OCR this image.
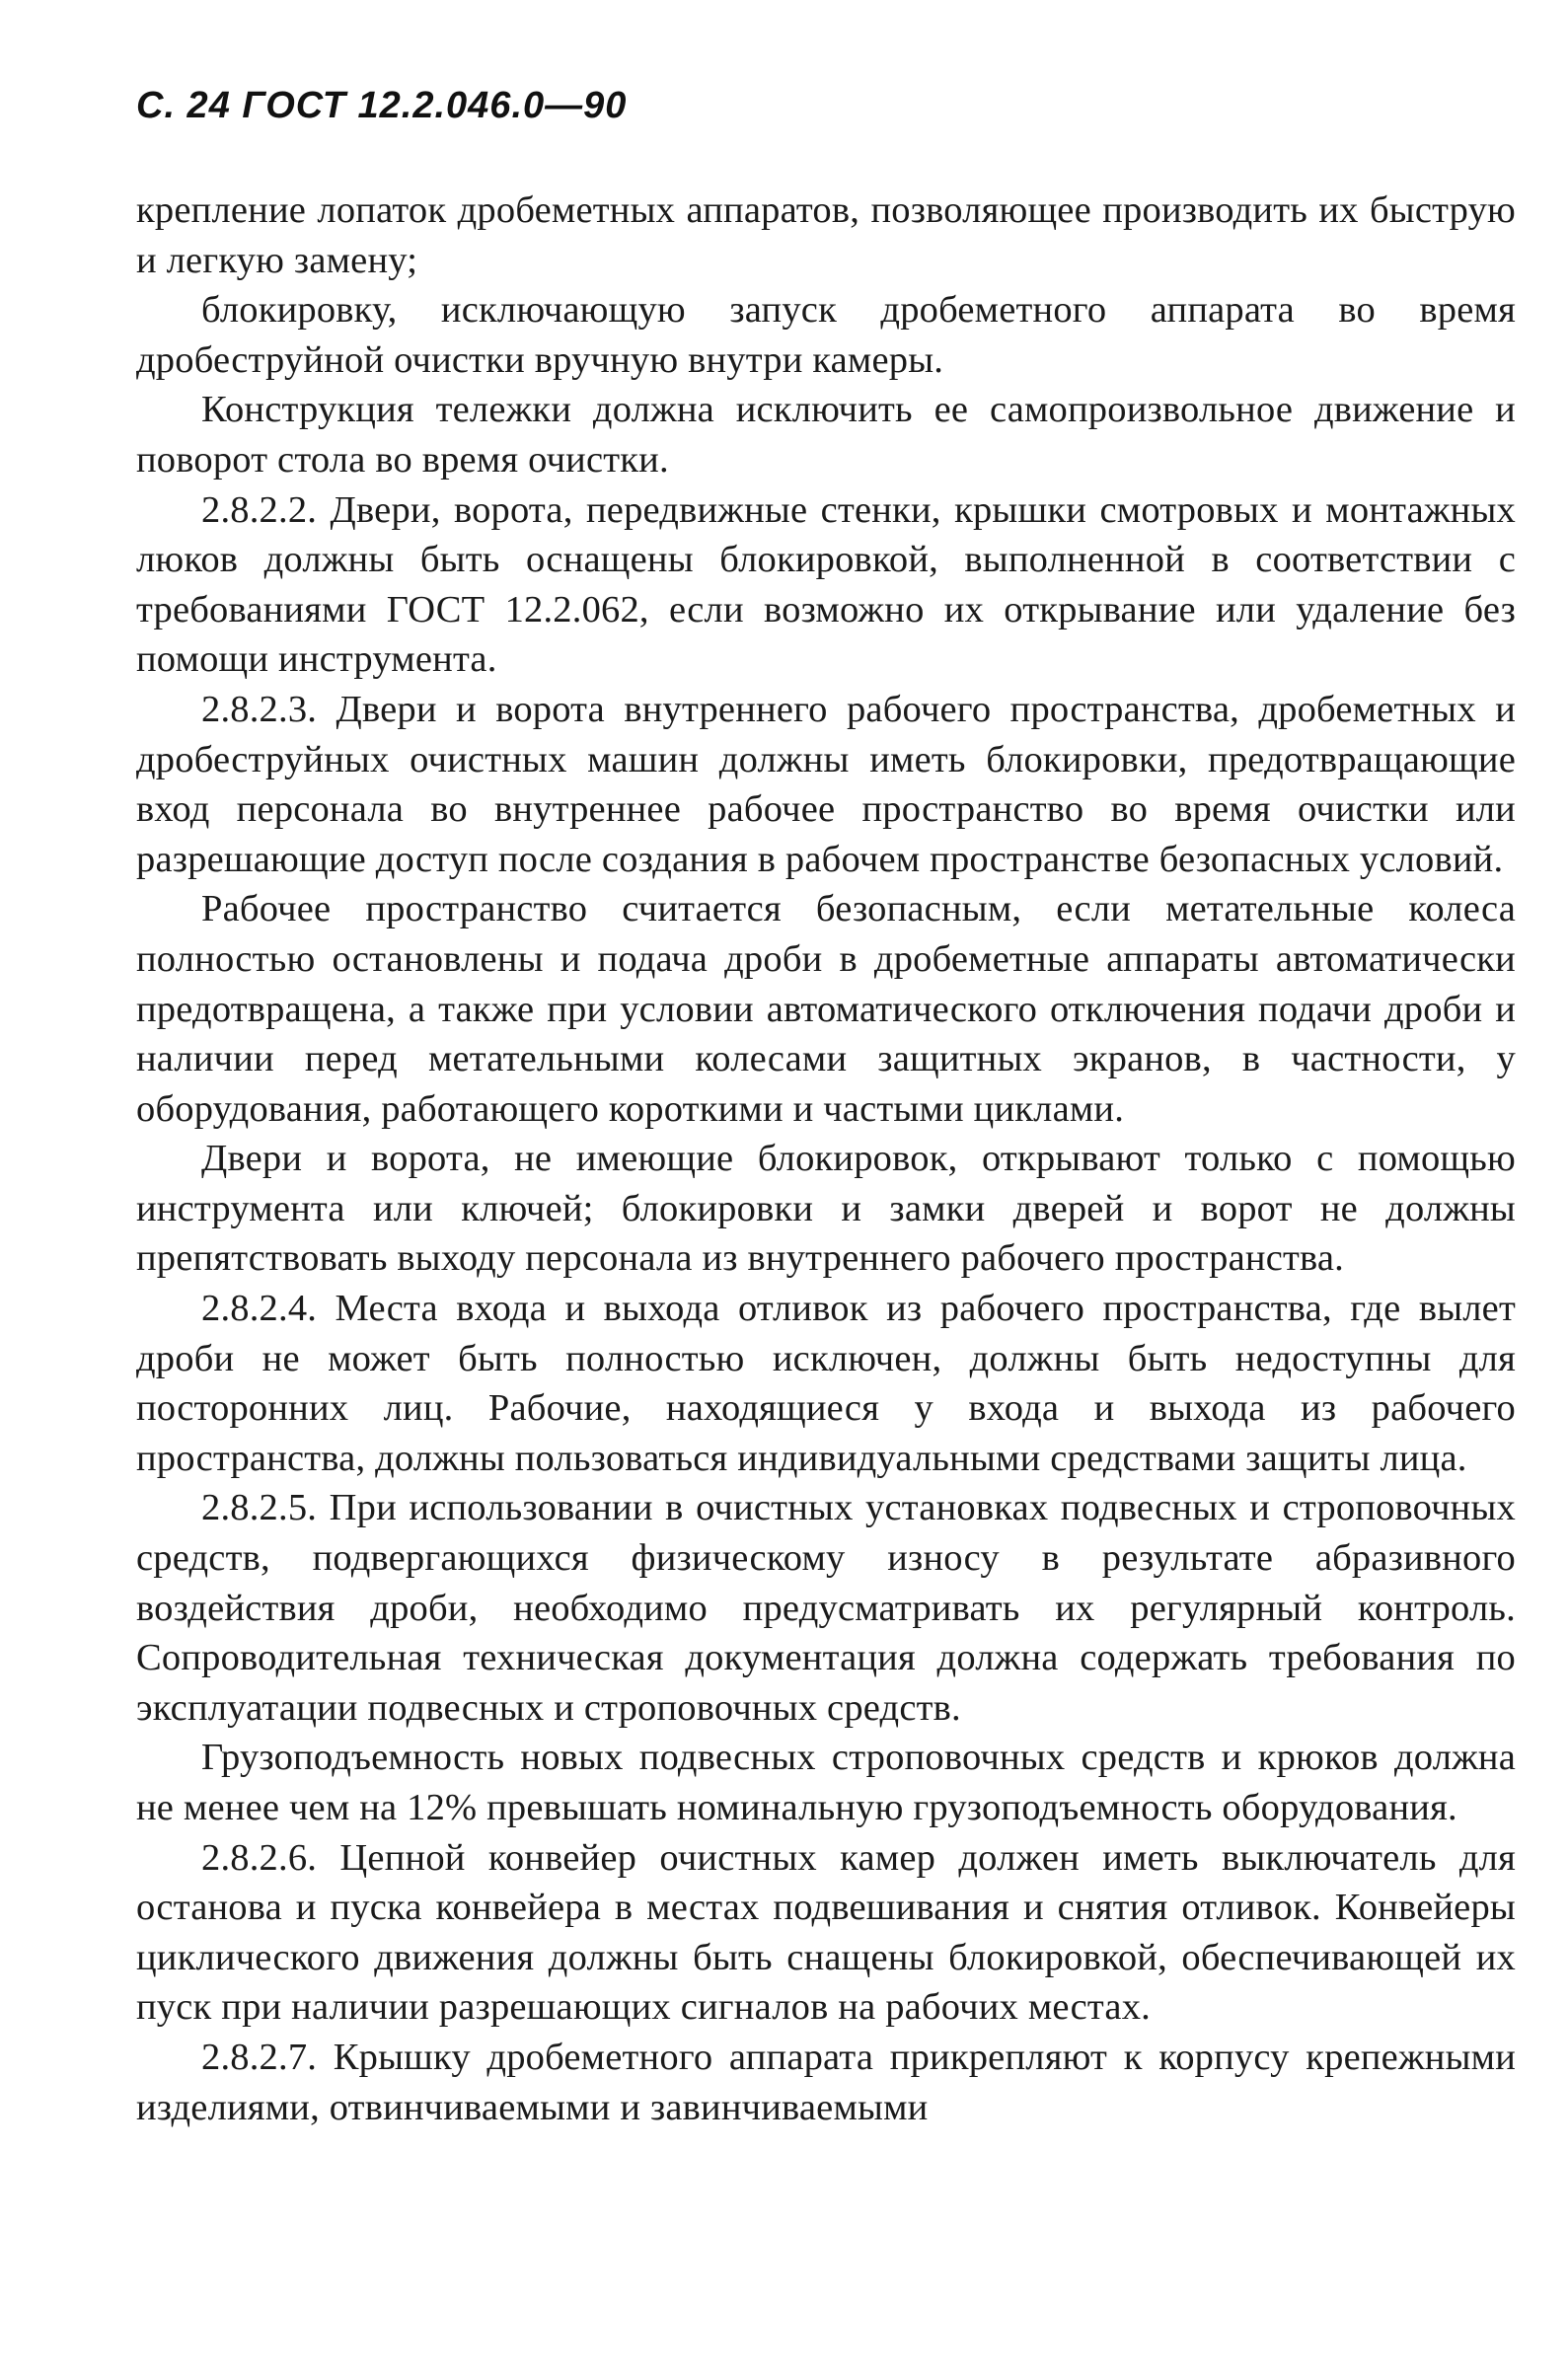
С. 24 ГОСТ 12.2.046.0—90

крепление лопаток дробеметных аппаратов, позволяющее производить их быструю и легкую замену;

блокировку, исключающую запуск дробеметного аппарата во время дробеструйной очистки вручную внутри камеры.

Конструкция тележки должна исключить ее самопроизвольное движение и поворот стола во время очистки.

2.8.2.2. Двери, ворота, передвижные стенки, крышки смотровых и монтажных люков должны быть оснащены блокировкой, выполненной в соответствии с требованиями ГОСТ 12.2.062, если возможно их открывание или удаление без помощи инструмента.

2.8.2.3. Двери и ворота внутреннего рабочего пространства, дробеметных и дробеструйных очистных машин должны иметь блокировки, предотвращающие вход персонала во внутреннее рабочее пространство во время очистки или разрешающие доступ после создания в рабочем пространстве безопасных условий.

Рабочее пространство считается безопасным, если метательные колеса полностью остановлены и подача дроби в дробеметные аппараты автоматически предотвращена, а также при условии автоматического отключения подачи дроби и наличии перед метательными колесами защитных экранов, в частности, у оборудования, работающего короткими и частыми циклами.

Двери и ворота, не имеющие блокировок, открывают только с помощью инструмента или ключей; блокировки и замки дверей и ворот не должны препятствовать выходу персонала из внутреннего рабочего пространства.

2.8.2.4. Места входа и выхода отливок из рабочего пространства, где вылет дроби не может быть полностью исключен, должны быть недоступны для посторонних лиц. Рабочие, находящиеся у входа и выхода из рабочего пространства, должны пользоваться индивидуальными средствами защиты лица.

2.8.2.5. При использовании в очистных установках подвесных и строповочных средств, подвергающихся физическому износу в результате абразивного воздействия дроби, необходимо предусматривать их регулярный контроль. Сопроводительная техническая документация должна содержать требования по эксплуатации подвесных и строповочных средств.

Грузоподъемность новых подвесных строповочных средств и крюков должна не менее чем на 12% превышать номинальную грузоподъемность оборудования.

2.8.2.6. Цепной конвейер очистных камер должен иметь выключатель для останова и пуска конвейера в местах подвешивания и снятия отливок. Конвейеры циклического движения должны быть снащены блокировкой, обеспечивающей их пуск при наличии разрешающих сигналов на рабочих местах.

2.8.2.7. Крышку дробеметного аппарата прикрепляют к корпусу крепежными изделиями, отвинчиваемыми и завинчиваемыми
